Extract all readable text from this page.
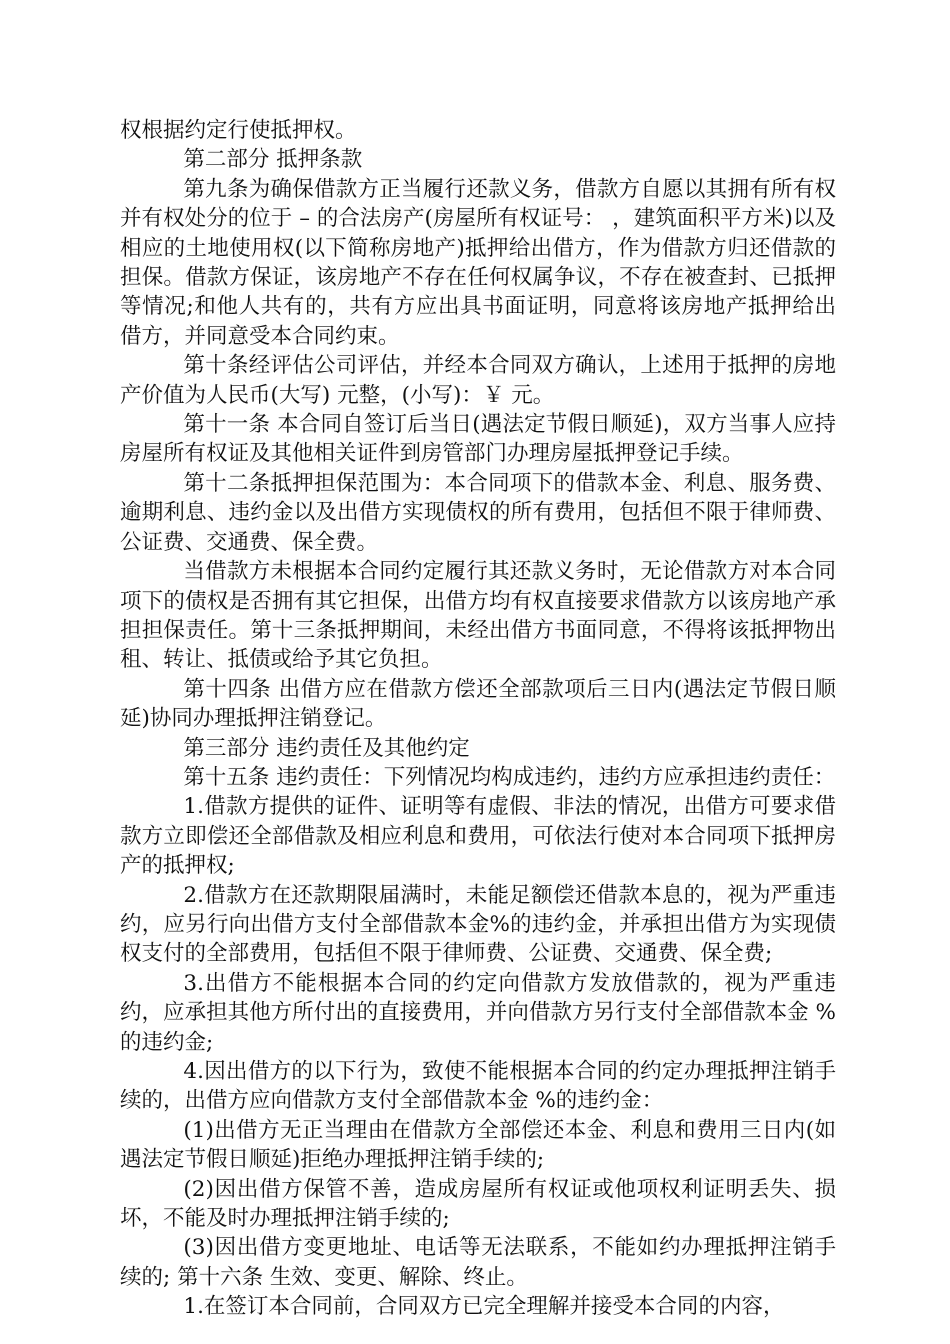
权根据约定行使抵押权。

第二部分 抵押条款

第九条为确保借款方正当履行还款义务，借款方自愿以其拥有所有权并有权处分的位于 – 的合法房产(房屋所有权证号： ，建筑面积平方米)以及相应的土地使用权(以下简称房地产)抵押给出借方，作为借款方归还借款的担保。借款方保证，该房地产不存在任何权属争议，不存在被查封、已抵押等情况;和他人共有的，共有方应出具书面证明，同意将该房地产抵押给出借方，并同意受本合同约束。

第十条经评估公司评估，并经本合同双方确认，上述用于抵押的房地产价值为人民币(大写) 元整，(小写)：￥ 元。

第十一条 本合同自签订后当日(遇法定节假日顺延)，双方当事人应持房屋所有权证及其他相关证件到房管部门办理房屋抵押登记手续。

第十二条抵押担保范围为：本合同项下的借款本金、利息、服务费、逾期利息、违约金以及出借方实现债权的所有费用，包括但不限于律师费、公证费、交通费、保全费。

当借款方未根据本合同约定履行其还款义务时，无论借款方对本合同项下的债权是否拥有其它担保，出借方均有权直接要求借款方以该房地产承担担保责任。第十三条抵押期间，未经出借方书面同意，不得将该抵押物出租、转让、抵债或给予其它负担。

第十四条 出借方应在借款方偿还全部款项后三日内(遇法定节假日顺延)协同办理抵押注销登记。

第三部分 违约责任及其他约定

第十五条 违约责任：下列情况均构成违约，违约方应承担违约责任：

1.借款方提供的证件、证明等有虚假、非法的情况，出借方可要求借款方立即偿还全部借款及相应利息和费用，可依法行使对本合同项下抵押房产的抵押权;

2.借款方在还款期限届满时，未能足额偿还借款本息的，视为严重违约，应另行向出借方支付全部借款本金%的违约金，并承担出借方为实现债权支付的全部费用，包括但不限于律师费、公证费、交通费、保全费;

3.出借方不能根据本合同的约定向借款方发放借款的，视为严重违约，应承担其他方所付出的直接费用，并向借款方另行支付全部借款本金 %的违约金;

4.因出借方的以下行为，致使不能根据本合同的约定办理抵押注销手续的，出借方应向借款方支付全部借款本金 %的违约金：

(1)出借方无正当理由在借款方全部偿还本金、利息和费用三日内(如遇法定节假日顺延)拒绝办理抵押注销手续的;

(2)因出借方保管不善，造成房屋所有权证或他项权利证明丢失、损坏，不能及时办理抵押注销手续的;

(3)因出借方变更地址、电话等无法联系，不能如约办理抵押注销手续的; 第十六条 生效、变更、解除、终止。

1.在签订本合同前，合同双方已完全理解并接受本合同的内容，
